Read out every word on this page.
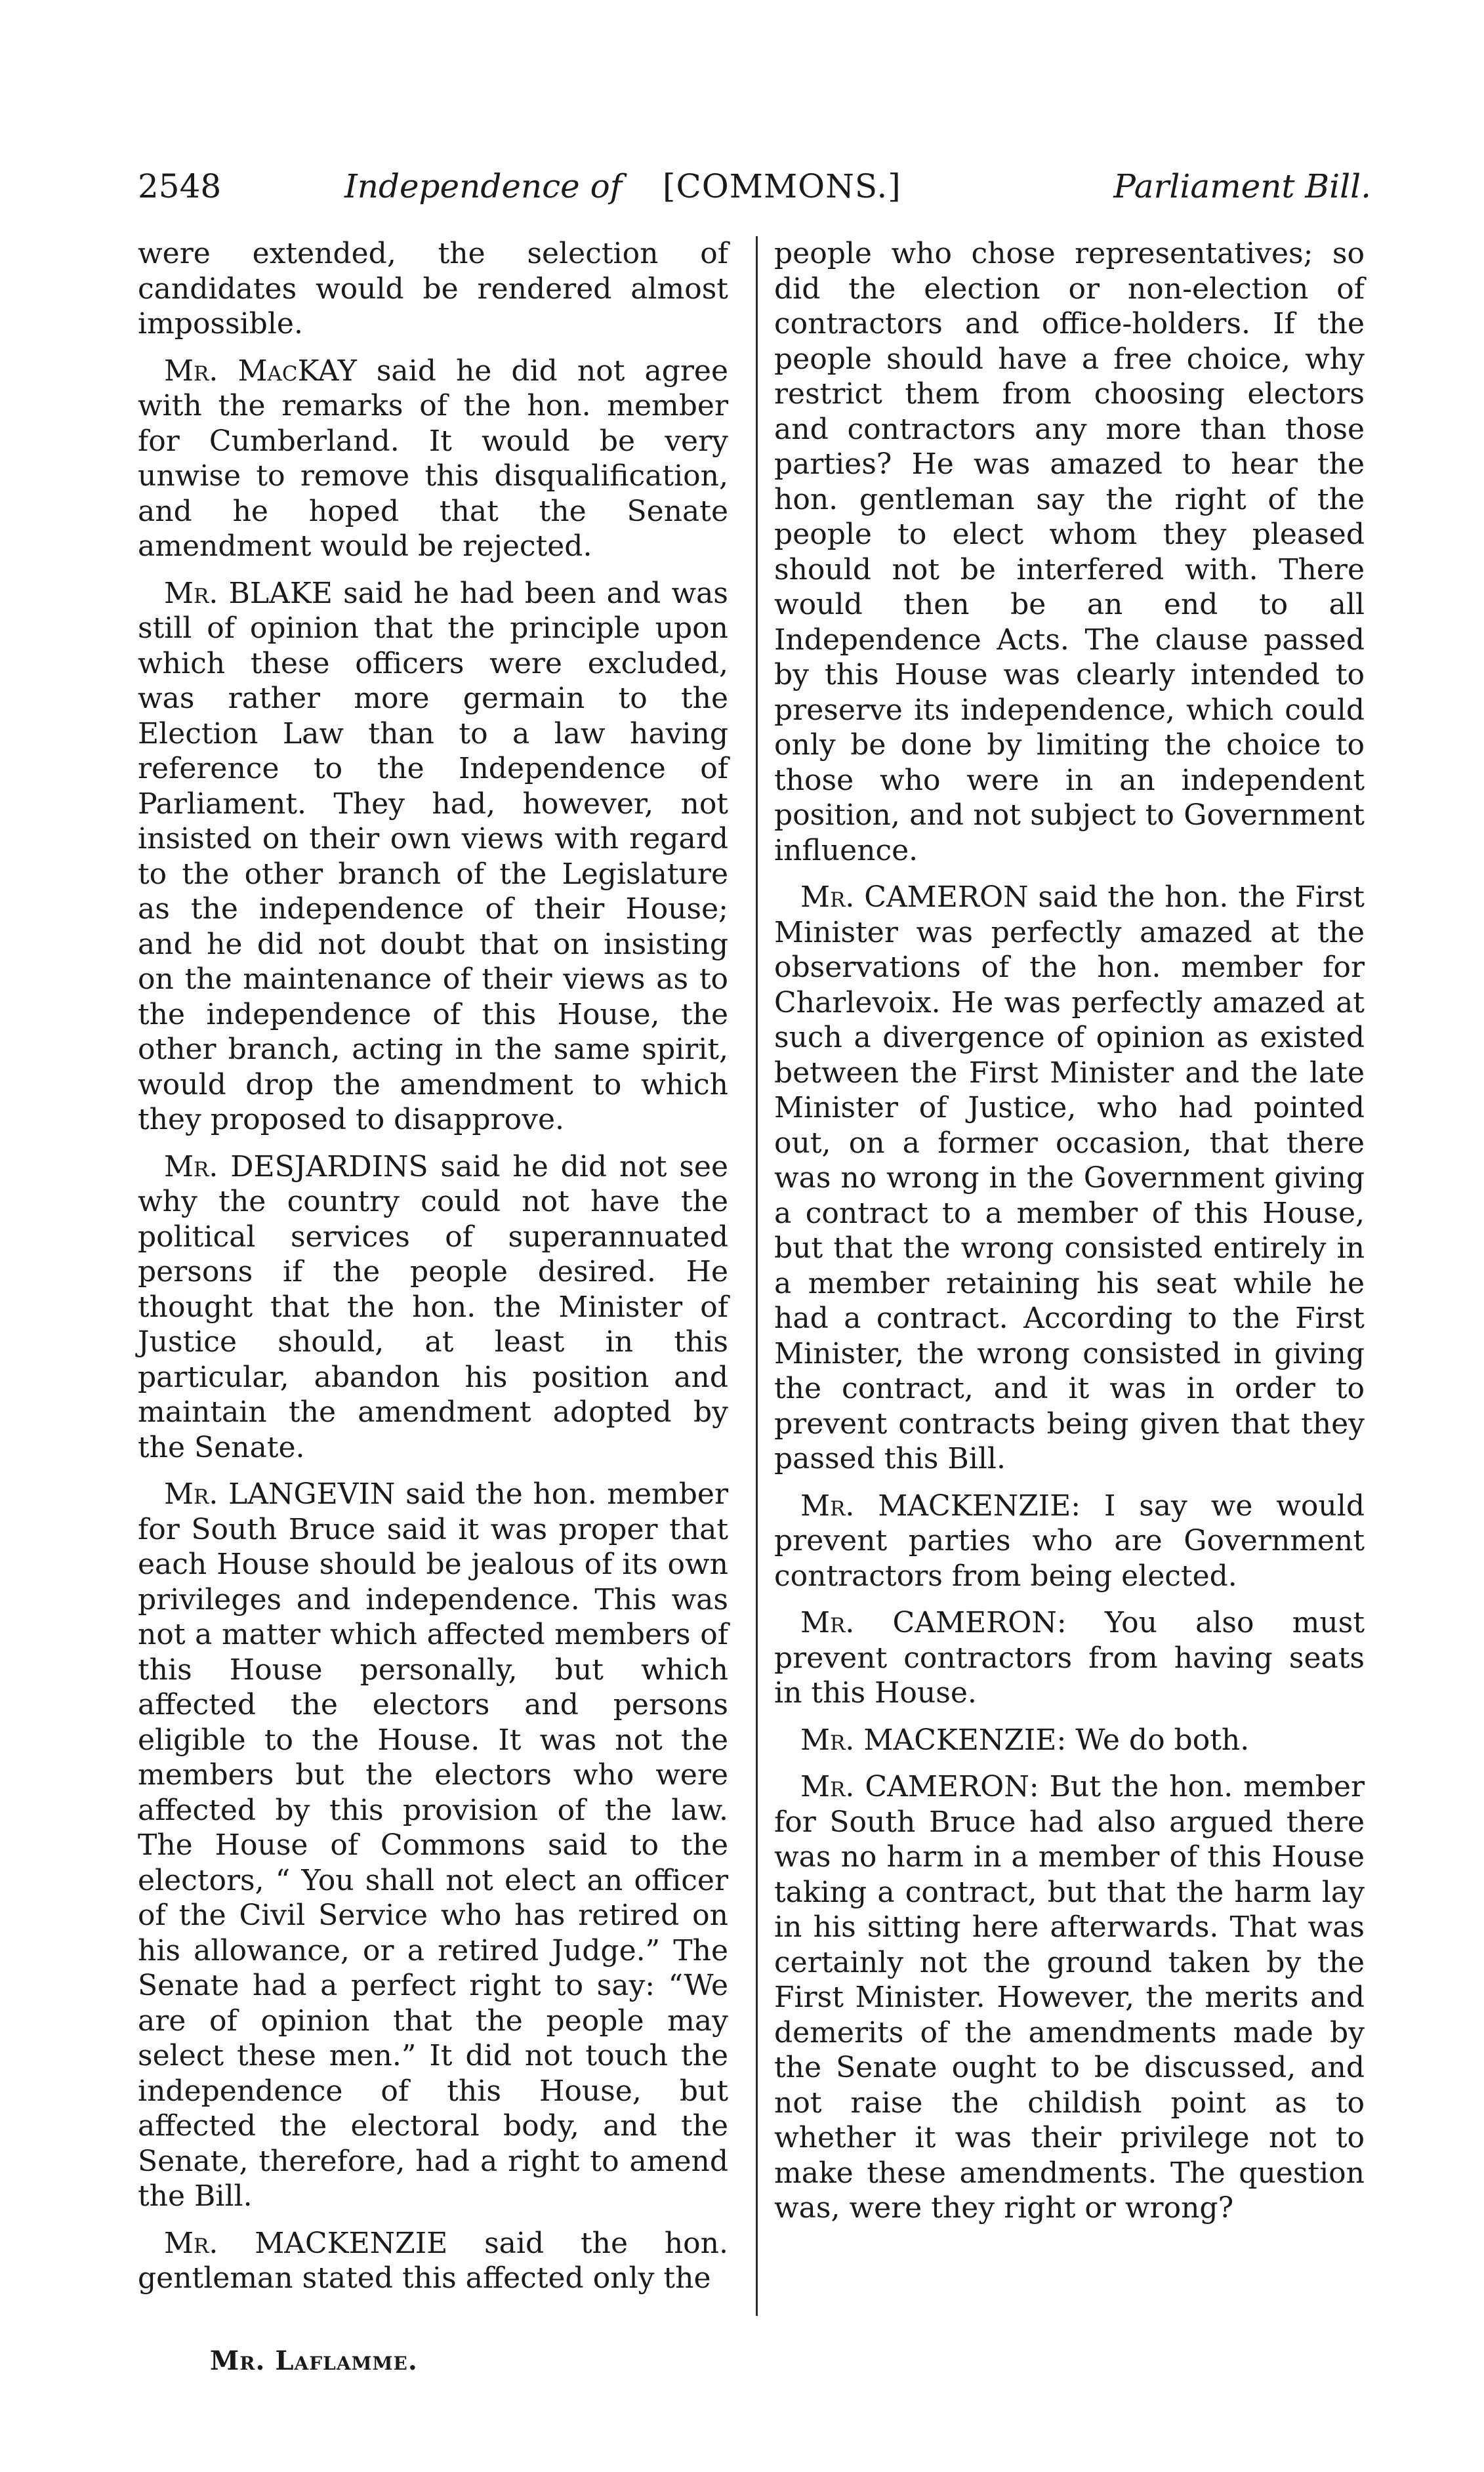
2548	Independence of [COMMONS.]	Parliament Bill.

were extended, the selection of candidates would be rendered almost impossible.

Mr. MacKAY said he did not agree with the remarks of the hon. member for Cumberland. It would be very unwise to remove this disqualification, and he hoped that the Senate amendment would be rejected.

Mr. BLAKE said he had been and was still of opinion that the principle upon which these officers were excluded, was rather more germain to the Election Law than to a law having reference to the Independence of Parliament. They had, however, not insisted on their own views with regard to the other branch of the Legislature as the independence of their House; and he did not doubt that on insisting on the maintenance of their views as to the independence of this House, the other branch, acting in the same spirit, would drop the amendment to which they proposed to disapprove.

Mr. DESJARDINS said he did not see why the country could not have the political services of superannuated persons if the people desired. He thought that the hon. the Minister of Justice should, at least in this particular, abandon his position and maintain the amendment adopted by the Senate.

Mr. LANGEVIN said the hon. member for South Bruce said it was proper that each House should be jealous of its own privileges and independence. This was not a matter which affected members of this House personally, but which affected the electors and persons eligible to the House. It was not the members but the electors who were affected by this provision of the law. The House of Commons said to the electors, “ You shall not elect an officer of the Civil Service who has retired on his allowance, or a retired Judge.” The Senate had a perfect right to say: “We are of opinion that the people may select these men.” It did not touch the independence of this House, but affected the electoral body, and the Senate, therefore, had a right to amend the Bill.

Mr. MACKENZIE said the hon. gentleman stated this affected only the

people who chose representatives; so did the election or non-election of contractors and office-holders. If the people should have a free choice, why restrict them from choosing electors and contractors any more than those parties? He was amazed to hear the hon. gentleman say the right of the people to elect whom they pleased should not be interfered with. There would then be an end to all Independence Acts. The clause passed by this House was clearly intended to preserve its independence, which could only be done by limiting the choice to those who were in an independent position, and not subject to Government influence.

Mr. CAMERON said the hon. the First Minister was perfectly amazed at the observations of the hon. member for Charlevoix. He was perfectly amazed at such a divergence of opinion as existed between the First Minister and the late Minister of Justice, who had pointed out, on a former occasion, that there was no wrong in the Government giving a contract to a member of this House, but that the wrong consisted entirely in a member retaining his seat while he had a contract. According to the First Minister, the wrong consisted in giving the contract, and it was in order to prevent contracts being given that they passed this Bill.

Mr. MACKENZIE: I say we would prevent parties who are Government contractors from being elected.

Mr. CAMERON: You also must prevent contractors from having seats in this House.

Mr. MACKENZIE: We do both.

Mr. CAMERON: But the hon. member for South Bruce had also argued there was no harm in a member of this House taking a contract, but that the harm lay in his sitting here afterwards. That was certainly not the ground taken by the First Minister. However, the merits and demerits of the amendments made by the Senate ought to be discussed, and not raise the childish point as to whether it was their privilege not to make these amendments. The question was, were they right or wrong?

Mr. Laflamme.
